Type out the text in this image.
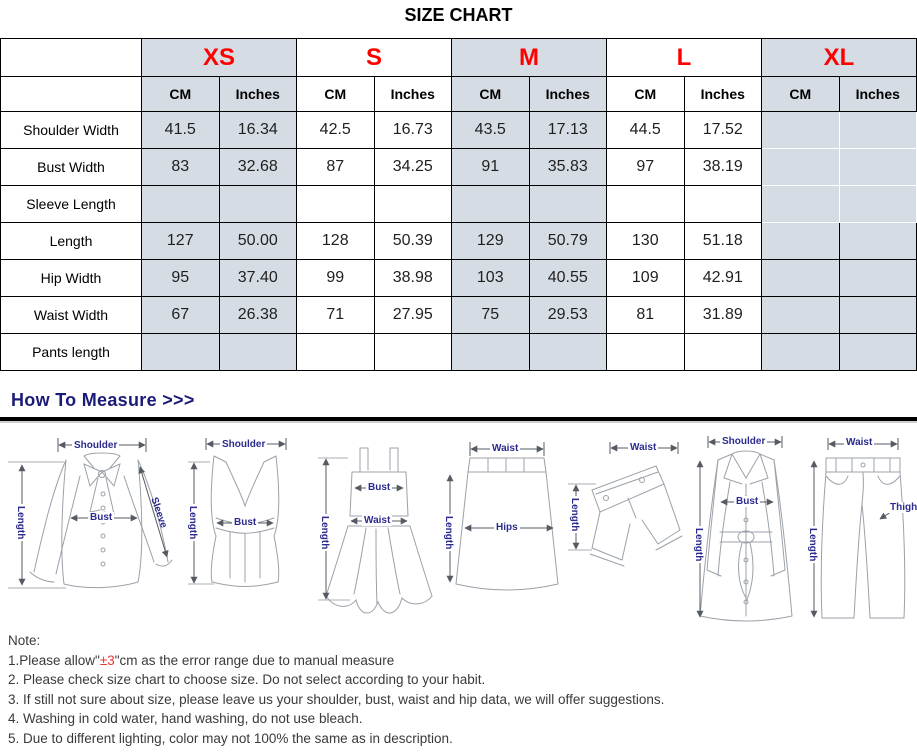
SIZE CHART
	XS		S		M		L		XL	
	CM	Inches	CM	Inches	CM	Inches	CM	Inches	CM	Inches
Shoulder Width	41.5	16.34	42.5	16.73	43.5	17.13	44.5	17.52		
Bust Width	83	32.68	87	34.25	91	35.83	97	38.19		
Sleeve Length										
Length	127	50.00	128	50.39	129	50.79	130	51.18		
Hip Width	95	37.40	99	38.98	103	40.55	109	42.91		
Waist Width	67	26.38	71	27.95	75	29.53	81	31.89		
Pants length										
How To Measure >>>
Shoulder
Length	Bust	Sleeve
Shoulder
Length	Bust	Length
Bust
Waist
Waist
Length	Hips
Waist
Length
Shoulder
Length
Bust
Waist
Length
Thigh
Note:
1.Please allow"±3"cm as the error range due to manual measure
2. Please check size chart to choose size. Do not select according to your habit.
3. If still not sure about size, please leave us your shoulder, bust, waist and hip data, we will offer suggestions.
4. Washing in cold water, hand washing, do not use bleach.
5. Due to different lighting, color may not 100% the same as in description.
